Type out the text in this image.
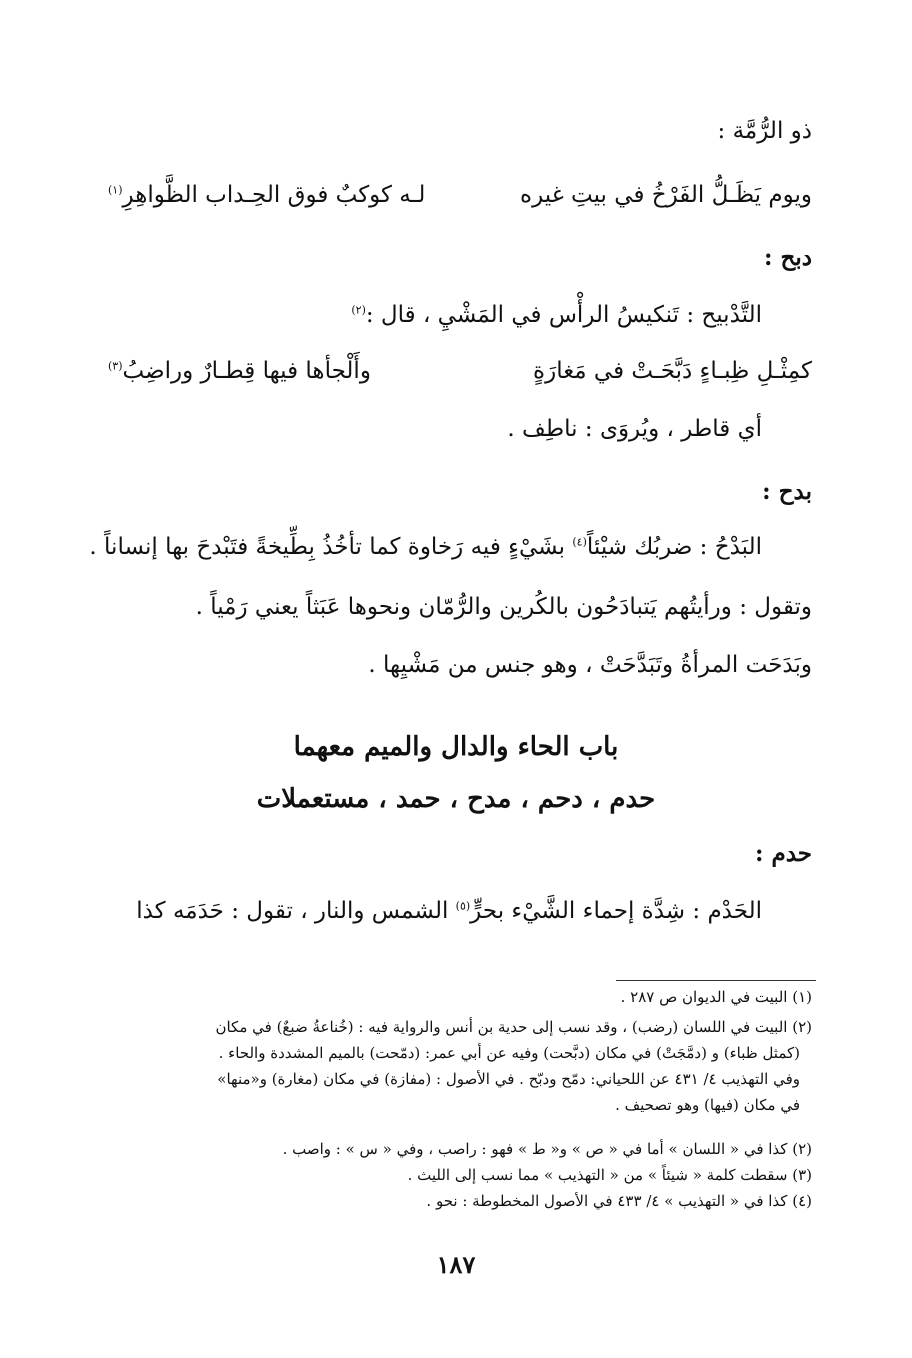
ذو الرُّمَّة :
ويوم يَظَـلُّ الفَرْخُ في بيتِ غيره
لـه كوكبٌ فوق الحِـداب الظَّواهِرِ$^{(١)}$
دبح :
التَّدْبيح : تَنكيسُ الرأْس في المَشْيِ ، قال :$^{(٢)}$
كمِثْـلِ ظِبـاءٍ دَبَّحَـتْ في مَغارَةٍ
وأَلْجأها فيها قِطـارٌ وراضِبُ$^{(٣)}$
أي قاطر ، ويُروَى : ناطِف .
بدح :
البَدْحُ : ضربُك شيْئاً$^{(٤)}$ بشَيْءٍ فيه رَخاوة كما تأخُذُ بِطِّيخةً فتَبْدحَ بها إنساناً .
وتقول : ورأيتُهم يَتبادَحُون بالكُرين والرُّمّان ونحوها عَبَثاً يعني رَمْياً .
وبَدَحَت المرأةُ وتَبَدَّحَتْ ، وهو جنس من مَشْيِها .
باب الحاء والدال والميم معهما
حدم ، دحم ، مدح ، حمد ، مستعملات
حدم :
الحَدْم : شِدَّة إحماء الشَّيْء بحرٍّ$^{(٥)}$ الشمس والنار ، تقول : حَدَمَه كذا
(١) البيت في الديوان ص ٢٨٧ .
(٢) البيت في اللسان (رضب) ، وقد نسب إلى حدية بن أنس والرواية فيه : (خُناعةُ ضبعٌ) في مكان
(كمثل ظباء) و (دمَّجَتْ) في مكان (دبَّحت) وفيه عن أبي عمر: (دمّحت) بالميم المشددة والحاء .
وفي التهذيب ٤/ ٤٣١ عن اللحياني: دمّح ودبّح . في الأصول : (مفازة) في مكان (مغارة) و«منها»
في مكان (فيها) وهو تصحيف .
(٢) كذا في « اللسان » أما في « ص » و« ط » فهو : راصب ، وفي « س » : واصب .
(٣) سقطت كلمة « شيئاً » من « التهذيب » مما نسب إلى الليث .
(٤) كذا في « التهذيب » ٤/ ٤٣٣ في الأصول المخطوطة : نحو .
١٨٧
